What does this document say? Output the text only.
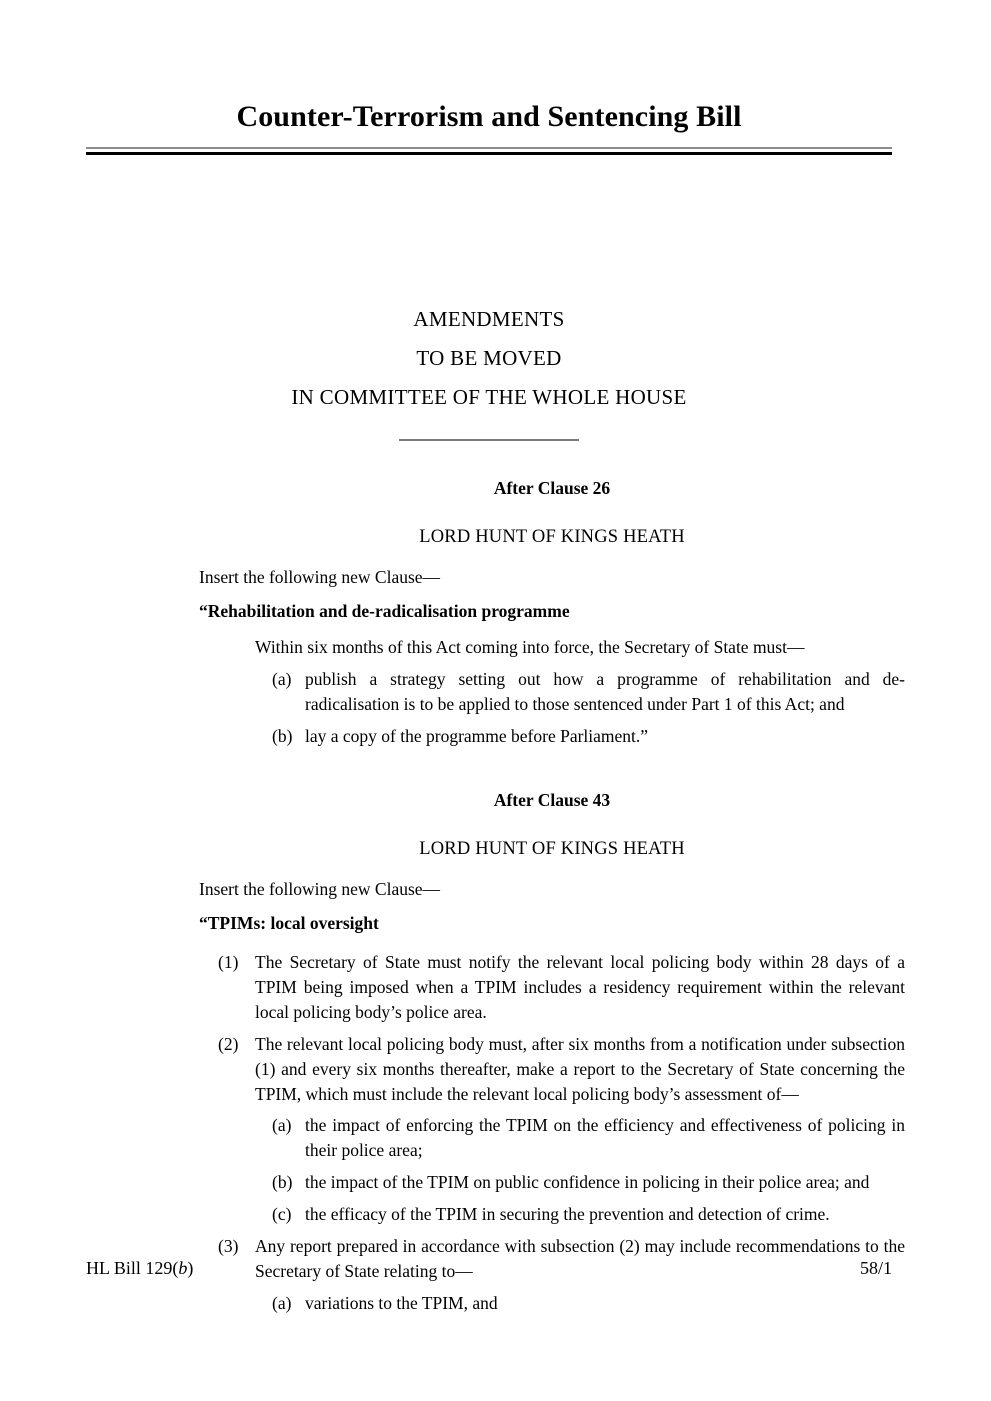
Counter-Terrorism and Sentencing Bill
AMENDMENTS
TO BE MOVED
IN COMMITTEE OF THE WHOLE HOUSE
After Clause 26
LORD HUNT OF KINGS HEATH
Insert the following new Clause—
“Rehabilitation and de-radicalisation programme
Within six months of this Act coming into force, the Secretary of State must—
(a) publish a strategy setting out how a programme of rehabilitation and de-radicalisation is to be applied to those sentenced under Part 1 of this Act; and
(b) lay a copy of the programme before Parliament.”
After Clause 43
LORD HUNT OF KINGS HEATH
Insert the following new Clause—
“TPIMs: local oversight
(1) The Secretary of State must notify the relevant local policing body within 28 days of a TPIM being imposed when a TPIM includes a residency requirement within the relevant local policing body’s police area.
(2) The relevant local policing body must, after six months from a notification under subsection (1) and every six months thereafter, make a report to the Secretary of State concerning the TPIM, which must include the relevant local policing body’s assessment of—
(a) the impact of enforcing the TPIM on the efficiency and effectiveness of policing in their police area;
(b) the impact of the TPIM on public confidence in policing in their police area; and
(c) the efficacy of the TPIM in securing the prevention and detection of crime.
(3) Any report prepared in accordance with subsection (2) may include recommendations to the Secretary of State relating to—
(a) variations to the TPIM, and
HL Bill 129(b)	58/1
